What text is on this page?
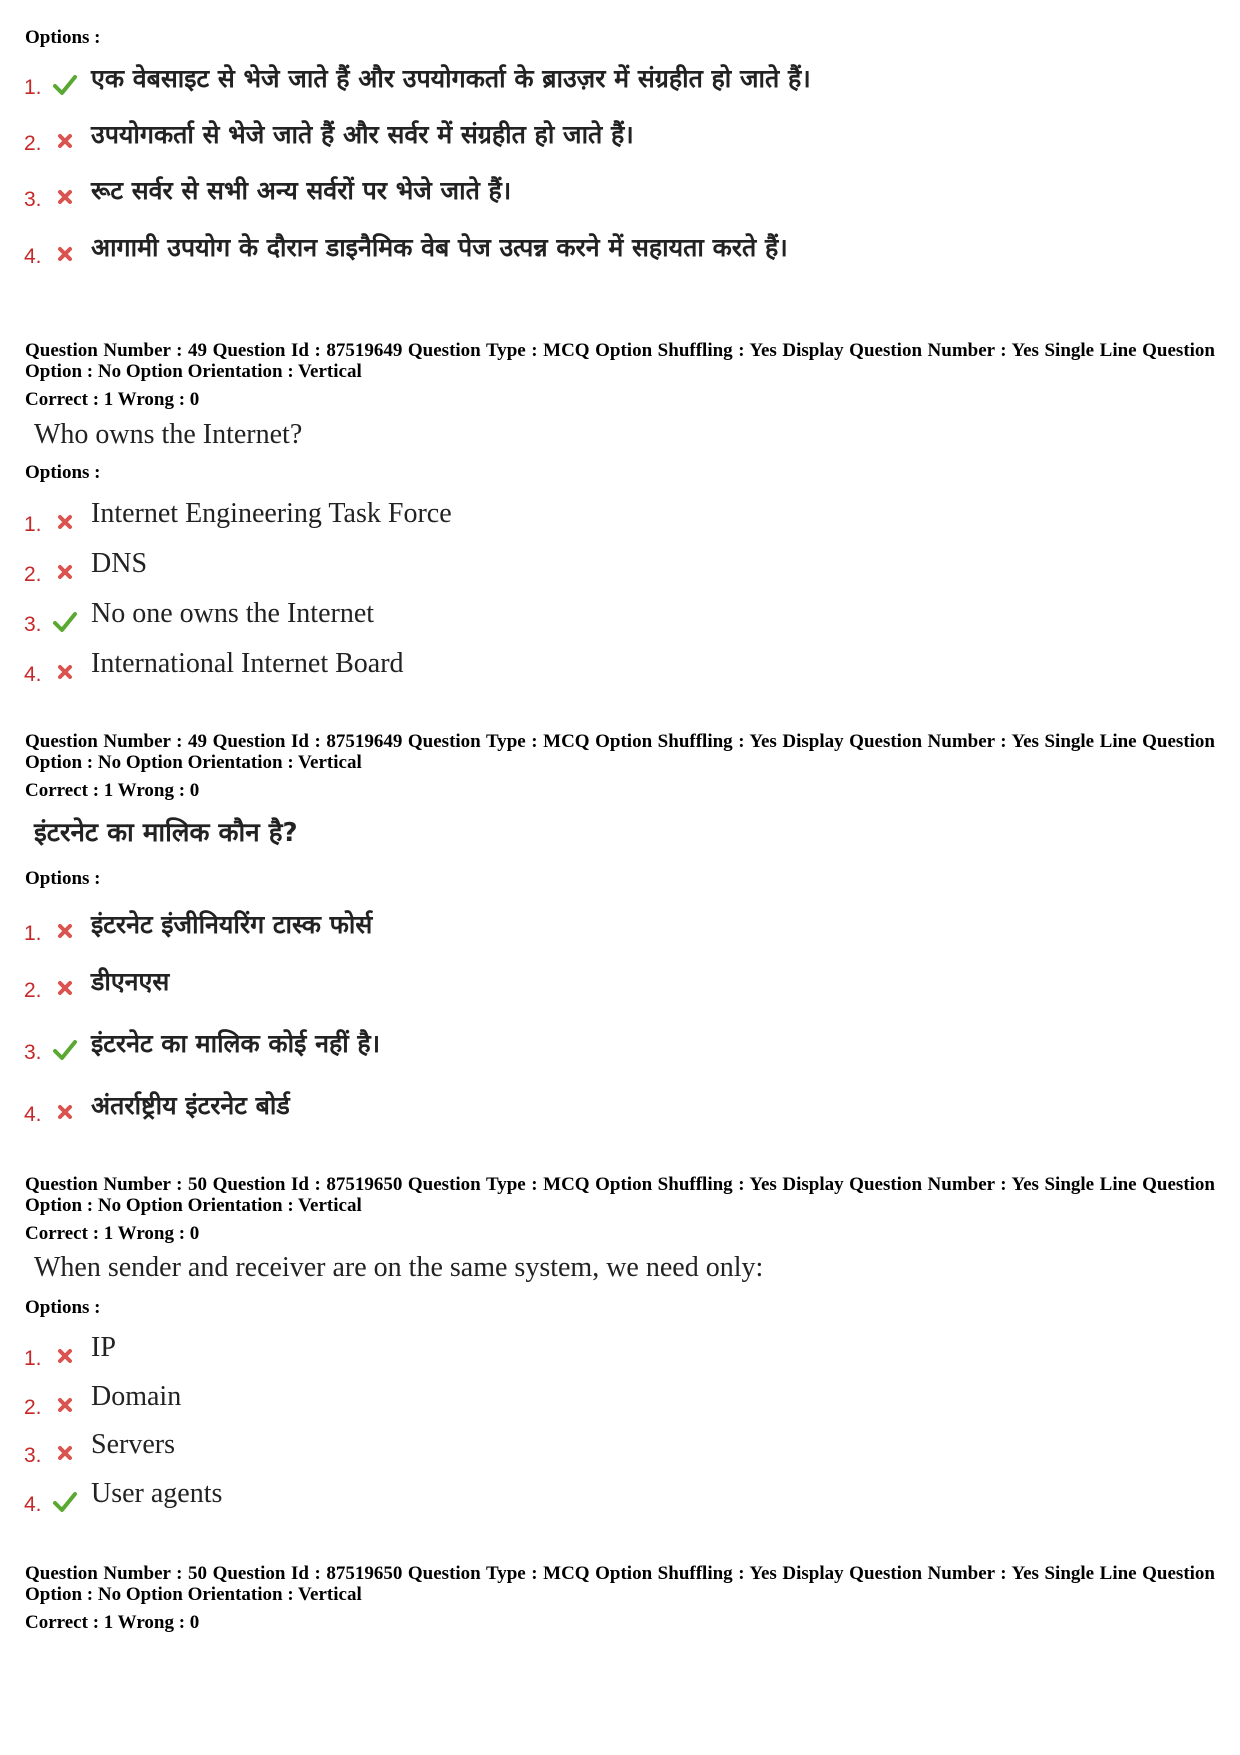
Options :
1. एक वेबसाइट से भेजे जाते हैं और उपयोगकर्ता के ब्राउज़र में संग्रहीत हो जाते हैं।
2. उपयोगकर्ता से भेजे जाते हैं और सर्वर में संग्रहीत हो जाते हैं।
3. रूट सर्वर से सभी अन्य सर्वरों पर भेजे जाते हैं।
4. आगामी उपयोग के दौरान डाइनैमिक वेब पेज उत्पन्न करने में सहायता करते हैं।
Question Number : 49 Question Id : 87519649 Question Type : MCQ Option Shuffling : Yes Display Question Number : Yes Single Line Question Option : No Option Orientation : Vertical
Correct : 1 Wrong : 0
Who owns the Internet?
Options :
1. Internet Engineering Task Force
2. DNS
3. No one owns the Internet
4. International Internet Board
Question Number : 49 Question Id : 87519649 Question Type : MCQ Option Shuffling : Yes Display Question Number : Yes Single Line Question Option : No Option Orientation : Vertical
Correct : 1 Wrong : 0
इंटरनेट का मालिक कौन है?
Options :
1. इंटरनेट इंजीनियरिंग टास्क फोर्स
2. डीएनएस
3. इंटरनेट का मालिक कोई नहीं है।
4. अंतर्राष्ट्रीय इंटरनेट बोर्ड
Question Number : 50 Question Id : 87519650 Question Type : MCQ Option Shuffling : Yes Display Question Number : Yes Single Line Question Option : No Option Orientation : Vertical
Correct : 1 Wrong : 0
When sender and receiver are on the same system, we need only:
Options :
1. IP
2. Domain
3. Servers
4. User agents
Question Number : 50 Question Id : 87519650 Question Type : MCQ Option Shuffling : Yes Display Question Number : Yes Single Line Question Option : No Option Orientation : Vertical
Correct : 1 Wrong : 0
